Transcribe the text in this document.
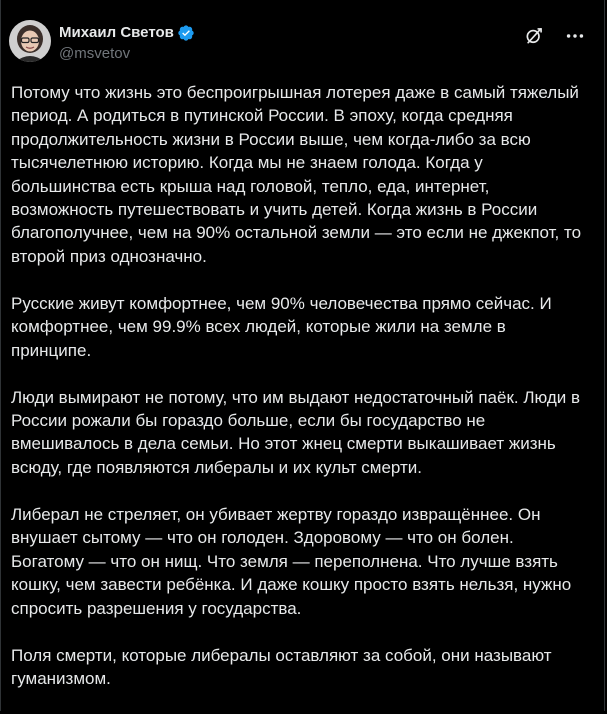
Михаил Светов
@msvetov

Потому что жизнь это беспроигрышная лотерея даже в самый тяжелый период. А родиться в путинской России. В эпоху, когда средняя продолжительность жизни в России выше, чем когда-либо за всю тысячелетнюю историю. Когда мы не знаем голода. Когда у большинства есть крыша над головой, тепло, еда, интернет, возможность путешествовать и учить детей. Когда жизнь в России благополучнее, чем на 90% остальной земли — это если не джекпот, то второй приз однозначно.

Русские живут комфортнее, чем 90% человечества прямо сейчас. И комфортнее, чем 99.9% всех людей, которые жили на земле в принципе.

Люди вымирают не потому, что им выдают недостаточный паёк. Люди в России рожали бы гораздо больше, если бы государство не вмешивалось в дела семьи. Но этот жнец смерти выкашивает жизнь всюду, где появляются либералы и их культ смерти.

Либерал не стреляет, он убивает жертву гораздо извращённее. Он внушает сытому — что он голоден. Здоровому — что он болен. Богатому — что он нищ. Что земля — переполнена. Что лучше взять кошку, чем завести ребёнка. И даже кошку просто взять нельзя, нужно спросить разрешения у государства.

Поля смерти, которые либералы оставляют за собой, они называют гуманизмом.
